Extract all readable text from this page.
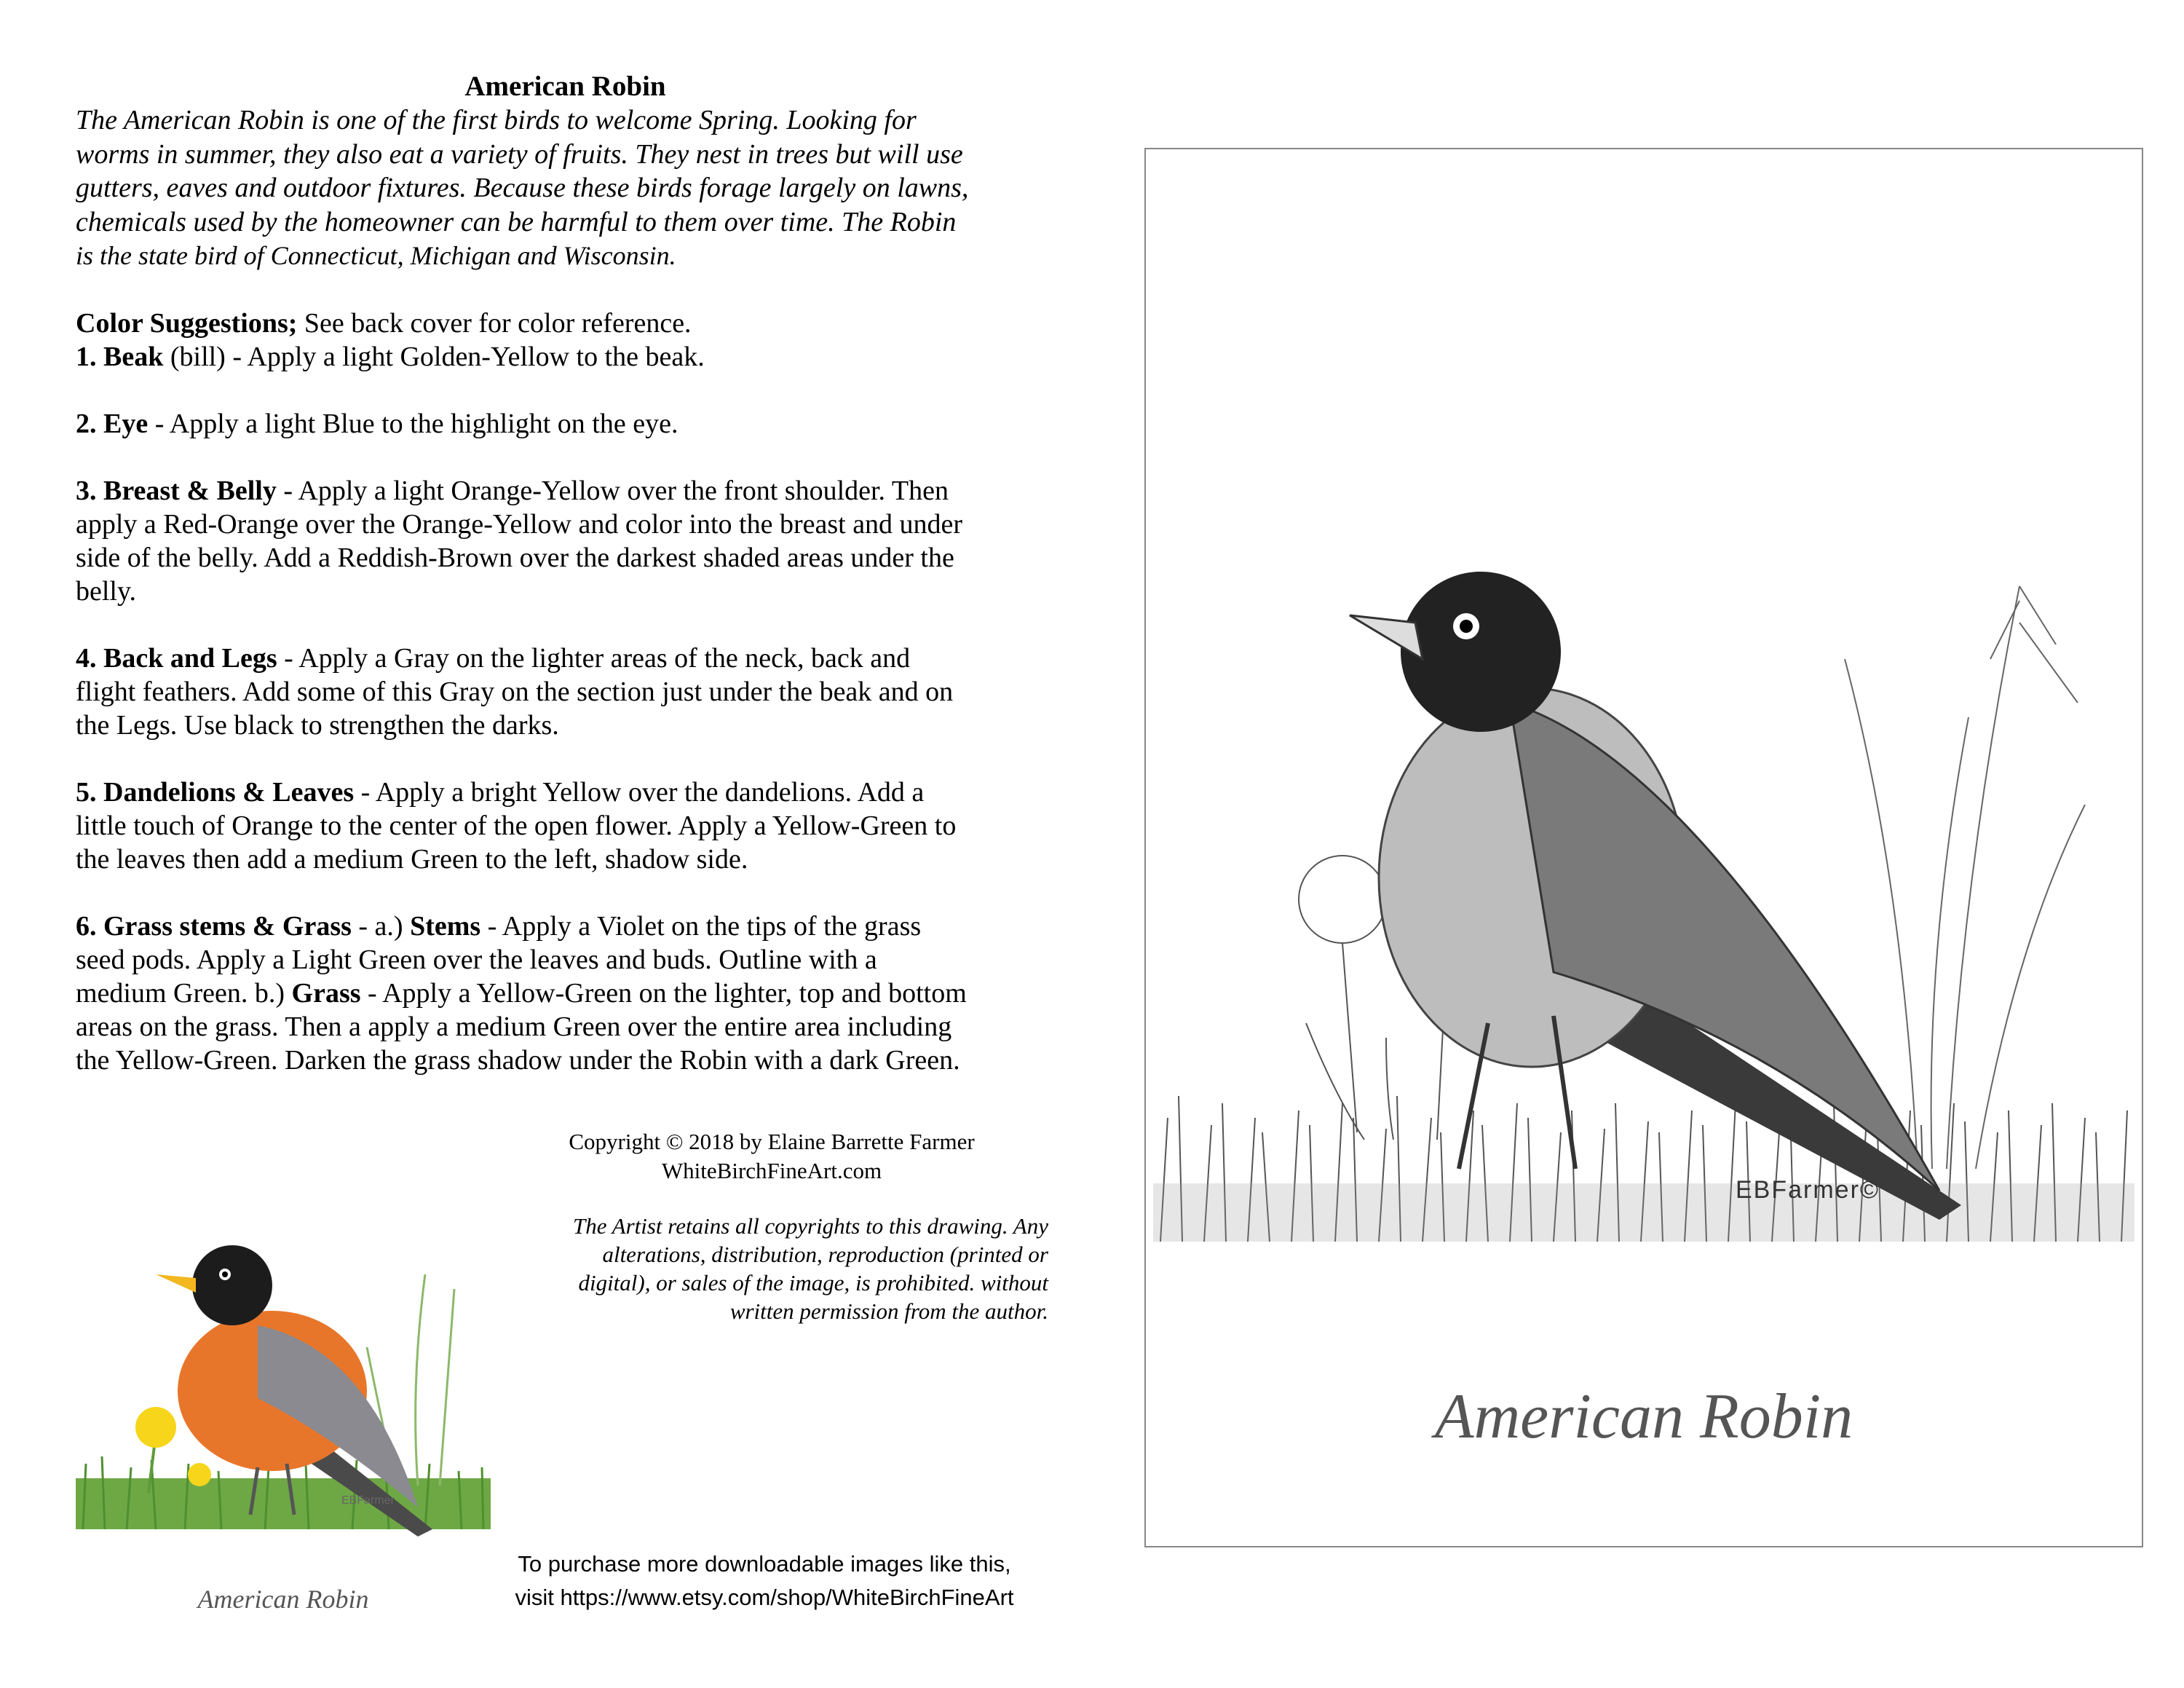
American Robin

The American Robin is one of the first birds to welcome Spring. Looking for
worms in summer, they also eat a variety of fruits. They nest in trees but will use
gutters, eaves and outdoor fixtures. Because these birds forage largely on lawns,
chemicals used by the homeowner can be harmful to them over time. The Robin
is the state bird of Connecticut, Michigan and Wisconsin.

Color Suggestions; See back cover for color reference.
1. Beak (bill) - Apply a light Golden-Yellow to the beak.

2. Eye - Apply a light Blue to the highlight on the eye.

3. Breast & Belly - Apply a light Orange-Yellow over the front shoulder. Then
apply a Red-Orange over the Orange-Yellow and color into the breast and under
side of the belly. Add a Reddish-Brown over the darkest shaded areas under the
belly.

4. Back and Legs - Apply a Gray on the lighter areas of the neck, back and
flight feathers. Add some of this Gray on the section just under the beak and on
the Legs. Use black to strengthen the darks.

5. Dandelions & Leaves - Apply a bright Yellow over the dandelions. Add a
little touch of Orange to the center of the open flower. Apply a Yellow-Green to
the leaves then add a medium Green to the left, shadow side.

6. Grass stems & Grass - a.) Stems - Apply a Violet on the tips of the grass
seed pods. Apply a Light Green over the leaves and buds. Outline with a
medium Green. b.) Grass - Apply a Yellow-Green on the lighter, top and bottom
areas on the grass. Then a apply a medium Green over the entire area including
the Yellow-Green. Darken the grass shadow under the Robin with a dark Green.

Copyright © 2018 by Elaine Barrette Farmer
WhiteBirchFineArt.com
The Artist retains all copyrights to this drawing. Any
alterations, distribution, reproduction (printed or
digital), or sales of the image, is prohibited. without
written permission from the author.
EBFarmer
American Robin
To purchase more downloadable images like this,
visit https://www.etsy.com/shop/WhiteBirchFineArt
EBFarmer©
American Robin
